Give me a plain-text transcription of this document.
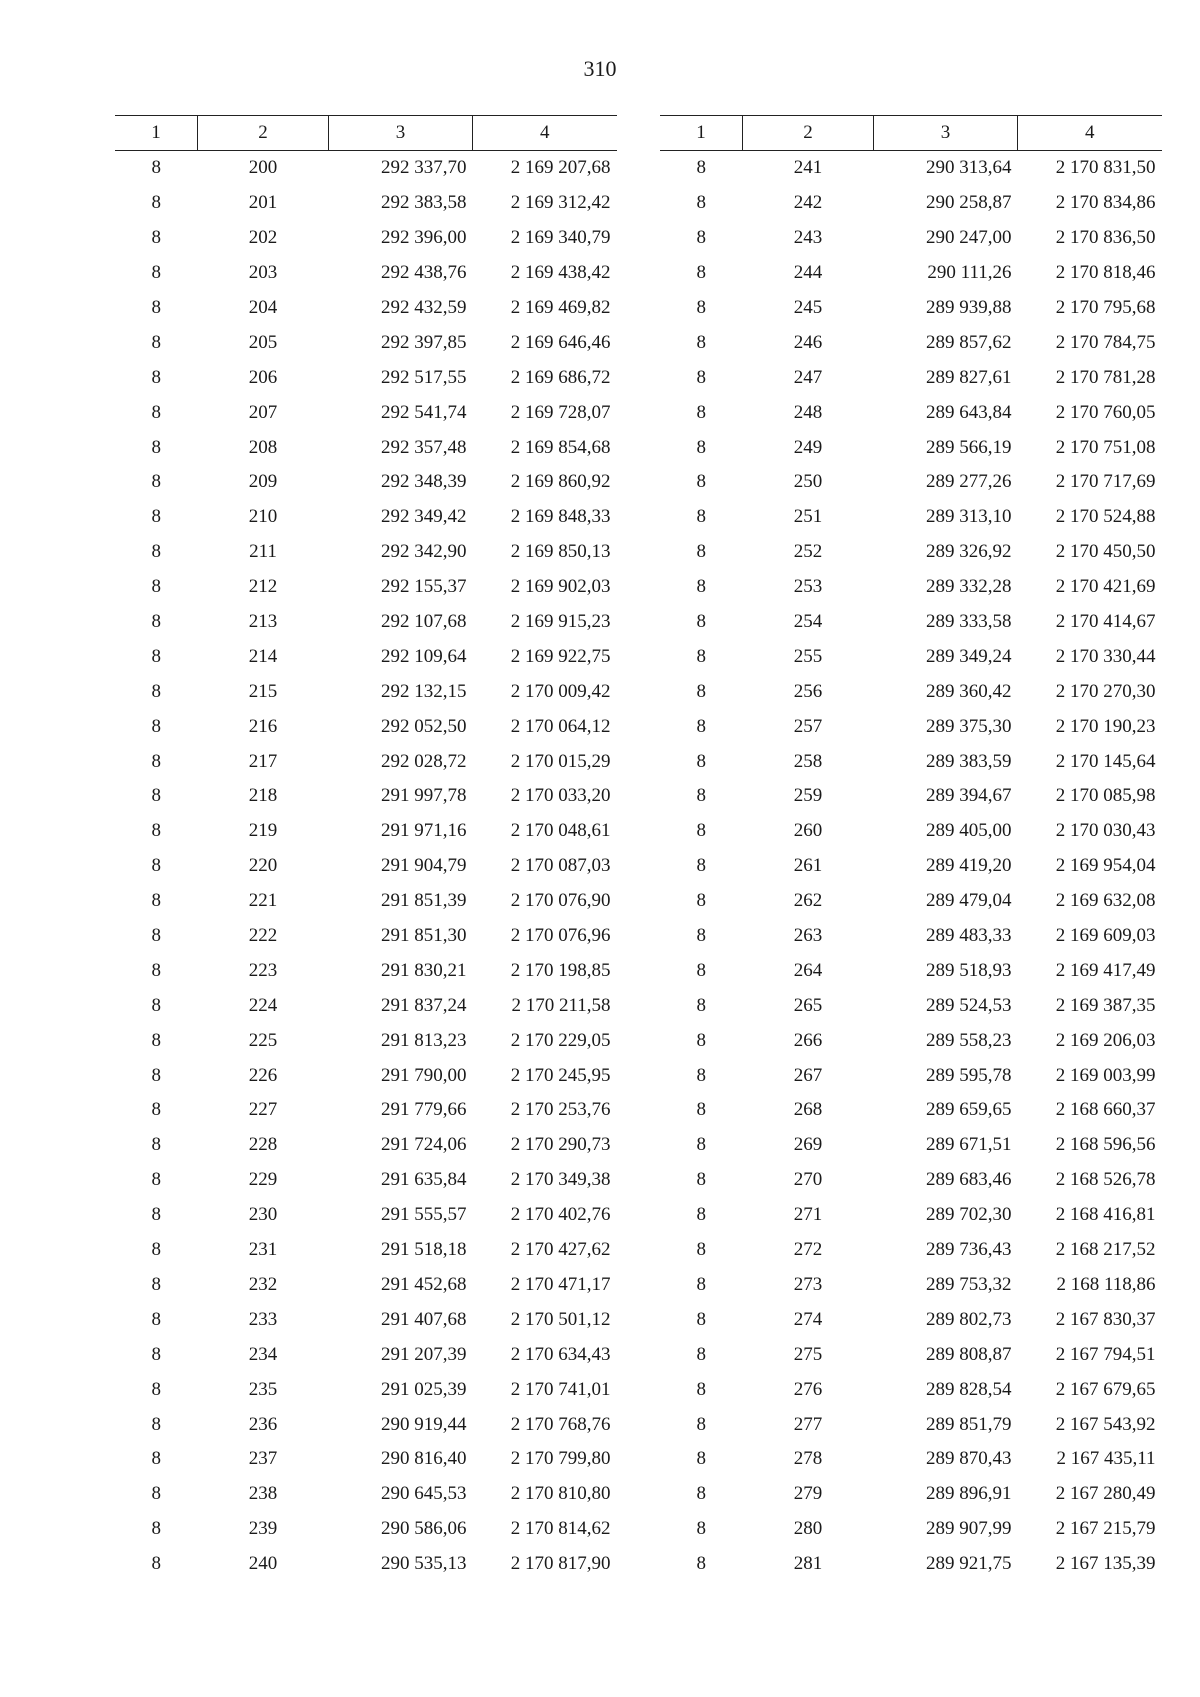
310
1	2	3	4
8	200	292 337,70	2 169 207,68
8	201	292 383,58	2 169 312,42
8	202	292 396,00	2 169 340,79
8	203	292 438,76	2 169 438,42
8	204	292 432,59	2 169 469,82
8	205	292 397,85	2 169 646,46
8	206	292 517,55	2 169 686,72
8	207	292 541,74	2 169 728,07
8	208	292 357,48	2 169 854,68
8	209	292 348,39	2 169 860,92
8	210	292 349,42	2 169 848,33
8	211	292 342,90	2 169 850,13
8	212	292 155,37	2 169 902,03
8	213	292 107,68	2 169 915,23
8	214	292 109,64	2 169 922,75
8	215	292 132,15	2 170 009,42
8	216	292 052,50	2 170 064,12
8	217	292 028,72	2 170 015,29
8	218	291 997,78	2 170 033,20
8	219	291 971,16	2 170 048,61
8	220	291 904,79	2 170 087,03
8	221	291 851,39	2 170 076,90
8	222	291 851,30	2 170 076,96
8	223	291 830,21	2 170 198,85
8	224	291 837,24	2 170 211,58
8	225	291 813,23	2 170 229,05
8	226	291 790,00	2 170 245,95
8	227	291 779,66	2 170 253,76
8	228	291 724,06	2 170 290,73
8	229	291 635,84	2 170 349,38
8	230	291 555,57	2 170 402,76
8	231	291 518,18	2 170 427,62
8	232	291 452,68	2 170 471,17
8	233	291 407,68	2 170 501,12
8	234	291 207,39	2 170 634,43
8	235	291 025,39	2 170 741,01
8	236	290 919,44	2 170 768,76
8	237	290 816,40	2 170 799,80
8	238	290 645,53	2 170 810,80
8	239	290 586,06	2 170 814,62
8	240	290 535,13	2 170 817,90
1	2	3	4
8	241	290 313,64	2 170 831,50
8	242	290 258,87	2 170 834,86
8	243	290 247,00	2 170 836,50
8	244	290 111,26	2 170 818,46
8	245	289 939,88	2 170 795,68
8	246	289 857,62	2 170 784,75
8	247	289 827,61	2 170 781,28
8	248	289 643,84	2 170 760,05
8	249	289 566,19	2 170 751,08
8	250	289 277,26	2 170 717,69
8	251	289 313,10	2 170 524,88
8	252	289 326,92	2 170 450,50
8	253	289 332,28	2 170 421,69
8	254	289 333,58	2 170 414,67
8	255	289 349,24	2 170 330,44
8	256	289 360,42	2 170 270,30
8	257	289 375,30	2 170 190,23
8	258	289 383,59	2 170 145,64
8	259	289 394,67	2 170 085,98
8	260	289 405,00	2 170 030,43
8	261	289 419,20	2 169 954,04
8	262	289 479,04	2 169 632,08
8	263	289 483,33	2 169 609,03
8	264	289 518,93	2 169 417,49
8	265	289 524,53	2 169 387,35
8	266	289 558,23	2 169 206,03
8	267	289 595,78	2 169 003,99
8	268	289 659,65	2 168 660,37
8	269	289 671,51	2 168 596,56
8	270	289 683,46	2 168 526,78
8	271	289 702,30	2 168 416,81
8	272	289 736,43	2 168 217,52
8	273	289 753,32	2 168 118,86
8	274	289 802,73	2 167 830,37
8	275	289 808,87	2 167 794,51
8	276	289 828,54	2 167 679,65
8	277	289 851,79	2 167 543,92
8	278	289 870,43	2 167 435,11
8	279	289 896,91	2 167 280,49
8	280	289 907,99	2 167 215,79
8	281	289 921,75	2 167 135,39
